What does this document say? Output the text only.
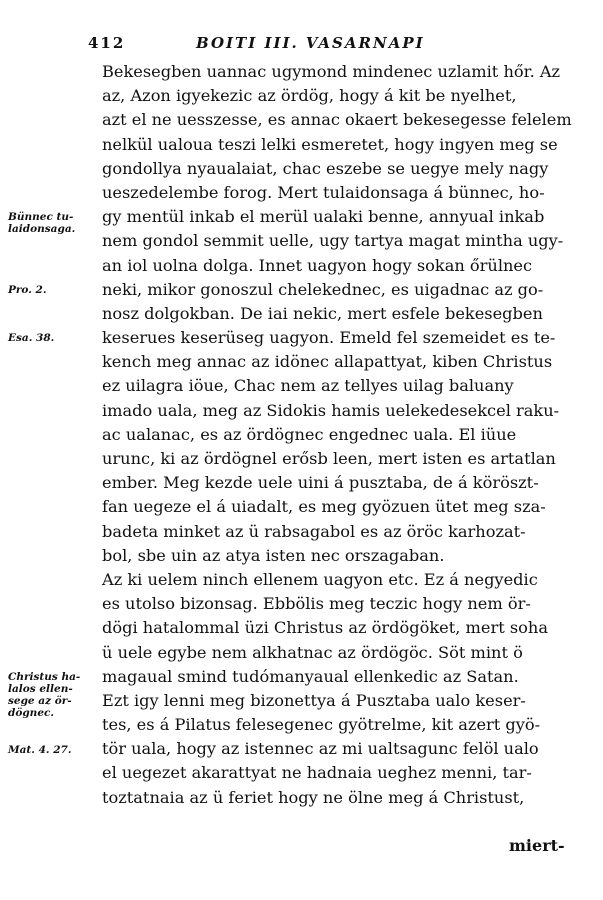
412	BOITI III. VASARNAPI
Bünnec tu-
laidonsaga.
Pro. 2.
Esa. 38.
Christus ha-
lalos ellen-
sege az ör-
dögnec.
Mat. 4. 27.
Bekesegben uannac ugymond mindenec uzlamit hőr. Az
az, Azon igyekezic az ördög, hogy á kit be nyelhet,
azt el ne uesszesse, es annac okaert bekesegesse felelem
nelkül ualoua teszi lelki esmeretet, hogy ingyen meg se
gondollya nyaualaiat, chac eszebe se uegye mely nagy
ueszedelembe forog. Mert tulaidonsaga á bünnec, ho-
gy mentül inkab el merül ualaki benne, annyual inkab
nem gondol semmit uelle, ugy tartya magat mintha ugy-
an iol uolna dolga. Innet uagyon hogy sokan őrülnec
neki, mikor gonoszul chelekednec, es uigadnac az go-
nosz dolgokban. De iai nekic, mert esfele bekesegben
keserues keserüseg uagyon. Emeld fel szemeidet es te-
kench meg annac az idönec allapattyat, kiben Christus
ez uilagra iöue, Chac nem az tellyes uilag baluany
imado uala, meg az Sidokis hamis uelekedesekcel raku-
ac ualanac, es az ördögnec engednec uala. El iüue
urunc, ki az ördögnel erősb leen, mert isten es artatlan
ember. Meg kezde uele uini á pusztaba, de á köröszt-
fan uegeze el á uiadalt, es meg gyözuen ütet meg sza-
badeta minket az ü rabsagabol es az öröc karhozat-
bol, sbe uin az atya isten nec orszagaban.
Az ki uelem ninch ellenem uagyon etc. Ez á negyedic
es utolso bizonsag. Ebbölis meg teczic hogy nem ör-
dögi hatalommal üzi Christus az ördögöket, mert soha
ü uele egybe nem alkhatnac az ördögöc. Söt mint ö
magaual smind tudómanyaual ellenkedic az Satan.
Ezt igy lenni meg bizonettya á Pusztaba ualo keser-
tes, es á Pilatus felesegenec gyötrelme, kit azert gyö-
tör uala, hogy az istennec az mi ualtsagunc felöl ualo
el uegezet akarattyat ne hadnaia ueghez menni, tar-
toztatnaia az ü feriet hogy ne ölne meg á Christust,
miert-
